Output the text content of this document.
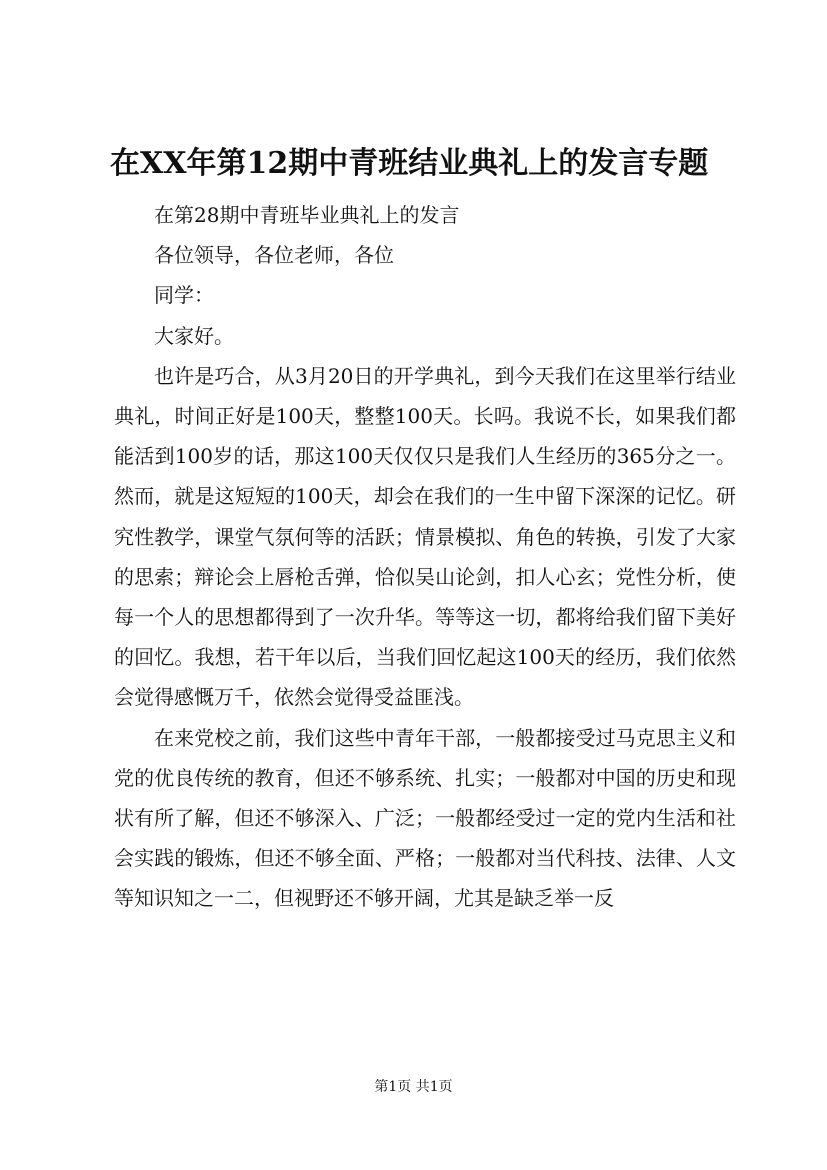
在XX年第12期中青班结业典礼上的发言专题

在第28期中青班毕业典礼上的发言

各位领导，各位老师，各位

同学：

大家好。

也许是巧合，从3月20日的开学典礼，到今天我们在这里举行结业典礼，时间正好是100天，整整100天。长吗。我说不长，如果我们都能活到100岁的话，那这100天仅仅只是我们人生经历的365分之一。然而，就是这短短的100天，却会在我们的一生中留下深深的记忆。研究性教学，课堂气氛何等的活跃；情景模拟、角色的转换，引发了大家的思索；辩论会上唇枪舌弹，恰似吴山论剑，扣人心玄；党性分析，使每一个人的思想都得到了一次升华。等等这一切，都将给我们留下美好的回忆。我想，若干年以后，当我们回忆起这100天的经历，我们依然会觉得感慨万千，依然会觉得受益匪浅。

在来党校之前，我们这些中青年干部，一般都接受过马克思主义和党的优良传统的教育，但还不够系统、扎实；一般都对中国的历史和现状有所了解，但还不够深入、广泛；一般都经受过一定的党内生活和社会实践的锻炼，但还不够全面、严格；一般都对当代科技、法律、人文等知识知之一二，但视野还不够开阔，尤其是缺乏举一反

第1页 共1页
